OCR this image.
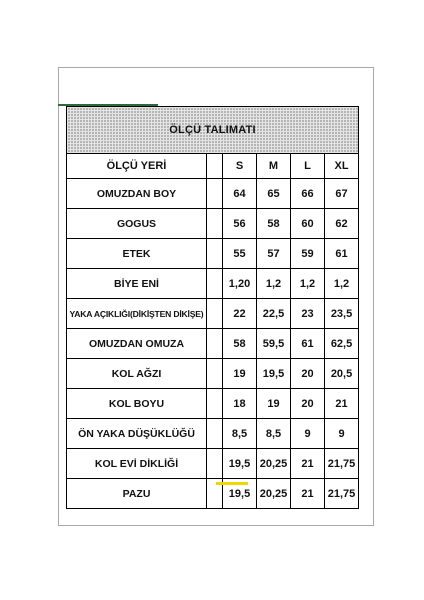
ÖLÇÜ TALIMATI					
ÖLÇÜ YERİ		S	M	L	XL
OMUZDAN BOY		64	65	66	67
GOGUS		56	58	60	62
ETEK		55	57	59	61
BİYE ENİ		1,20	1,2	1,2	1,2
YAKA AÇIKLIĞI(DİKİŞTEN DİKİŞE)		22	22,5	23	23,5
OMUZDAN OMUZA		58	59,5	61	62,5
KOL AĞZI		19	19,5	20	20,5
KOL BOYU		18	19	20	21
ÖN YAKA DÜŞÜKLÜĞÜ		8,5	8,5	9	9
KOL EVİ DİKLİĞİ		19,5	20,25	21	21,75
PAZU		19,5	20,25	21	21,75
